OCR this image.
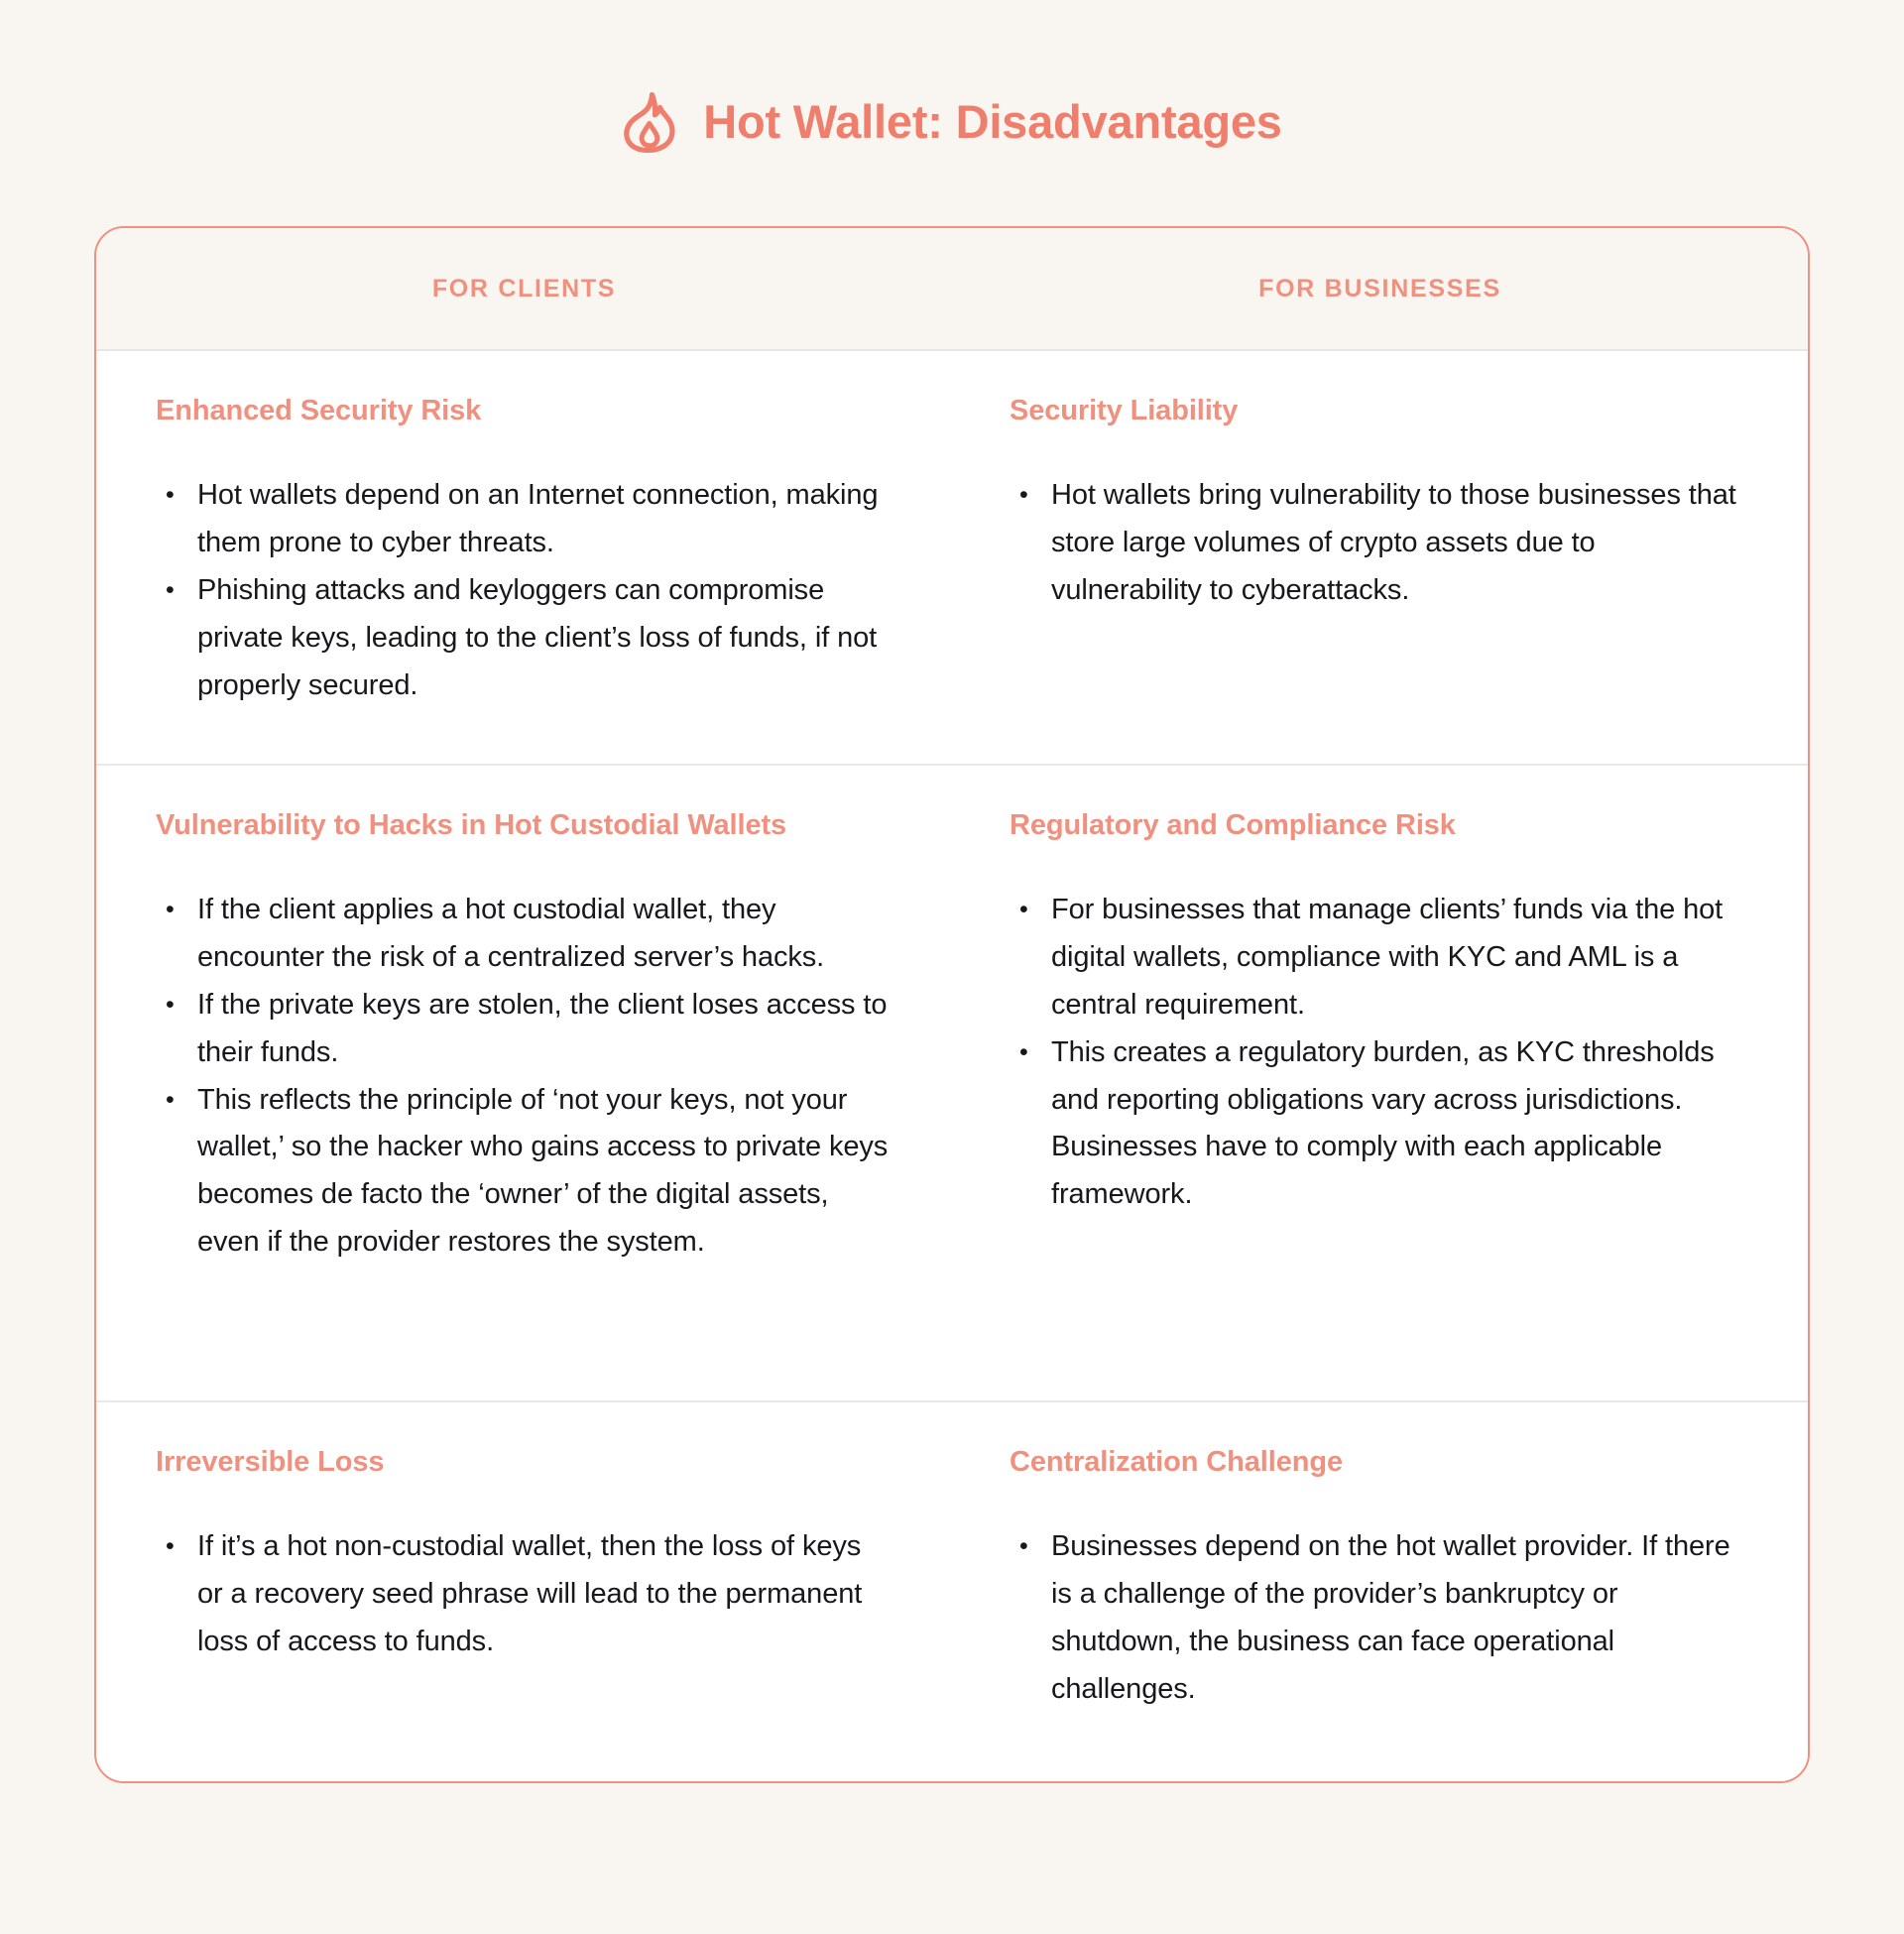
Hot Wallet: Disadvantages
FOR CLIENTS	FOR BUSINESSES
Enhanced Security Risk
• Hot wallets depend on an Internet connection, making them prone to cyber threats.
• Phishing attacks and keyloggers can compromise private keys, leading to the client’s loss of funds, if not properly secured.
Security Liability
• Hot wallets bring vulnerability to those businesses that store large volumes of crypto assets due to vulnerability to cyberattacks.
Vulnerability to Hacks in Hot Custodial Wallets
• If the client applies a hot custodial wallet, they encounter the risk of a centralized server’s hacks.
• If the private keys are stolen, the client loses access to their funds.
• This reflects the principle of ‘not your keys, not your wallet,’ so the hacker who gains access to private keys becomes de facto the ‘owner’ of the digital assets, even if the provider restores the system.
Regulatory and Compliance Risk
• For businesses that manage clients’ funds via the hot digital wallets, compliance with KYC and AML is a central requirement.
• This creates a regulatory burden, as KYC thresholds and reporting obligations vary across jurisdictions. Businesses have to comply with each applicable framework.
Irreversible Loss
• If it’s a hot non-custodial wallet, then the loss of keys or a recovery seed phrase will lead to the permanent loss of access to funds.
Centralization Challenge
• Businesses depend on the hot wallet provider. If there is a challenge of the provider’s bankruptcy or shutdown, the business can face operational challenges.
